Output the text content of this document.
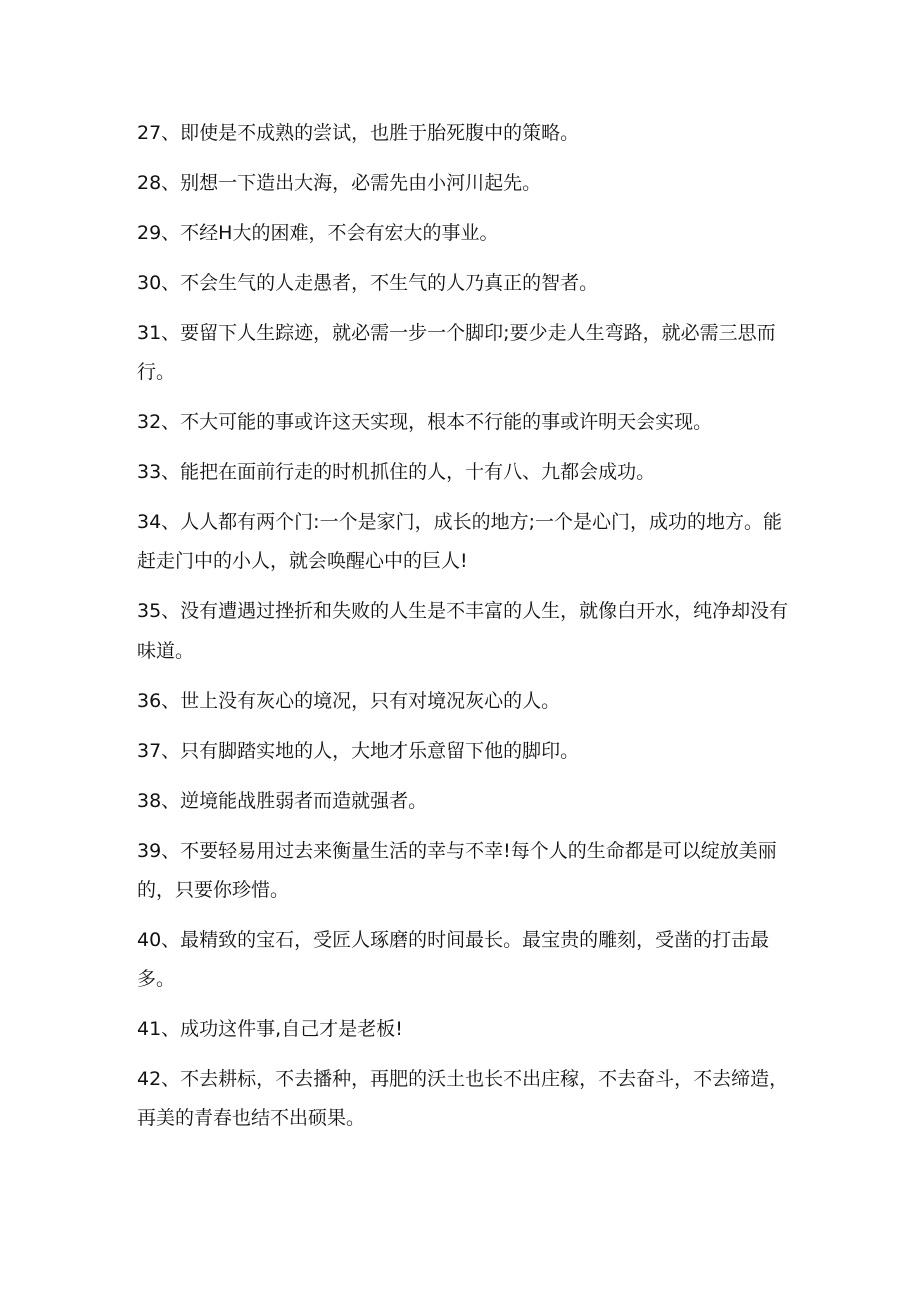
27、即使是不成熟的尝试，也胜于胎死腹中的策略。

28、别想一下造出大海，必需先由小河川起先。

29、不经H大的困难，不会有宏大的事业。

30、不会生气的人走愚者，不生气的人乃真正的智者。

31、要留下人生踪迹，就必需一步一个脚印;要少走人生弯路，就必需三思而行。

32、不大可能的事或许这天实现，根本不行能的事或许明天会实现。

33、能把在面前行走的时机抓住的人，十有八、九都会成功。

34、人人都有两个门:一个是家门，成长的地方;一个是心门，成功的地方。能赶走门中的小人，就会唤醒心中的巨人!

35、没有遭遇过挫折和失败的人生是不丰富的人生，就像白开水，纯净却没有味道。

36、世上没有灰心的境况，只有对境况灰心的人。

37、只有脚踏实地的人，大地才乐意留下他的脚印。

38、逆境能战胜弱者而造就强者。

39、不要轻易用过去来衡量生活的幸与不幸!每个人的生命都是可以绽放美丽的，只要你珍惜。

40、最精致的宝石，受匠人琢磨的时间最长。最宝贵的雕刻，受凿的打击最多。

41、成功这件事,自己才是老板!

42、不去耕标，不去播种，再肥的沃土也长不出庄稼，不去奋斗，不去缔造，再美的青春也结不出硕果。
